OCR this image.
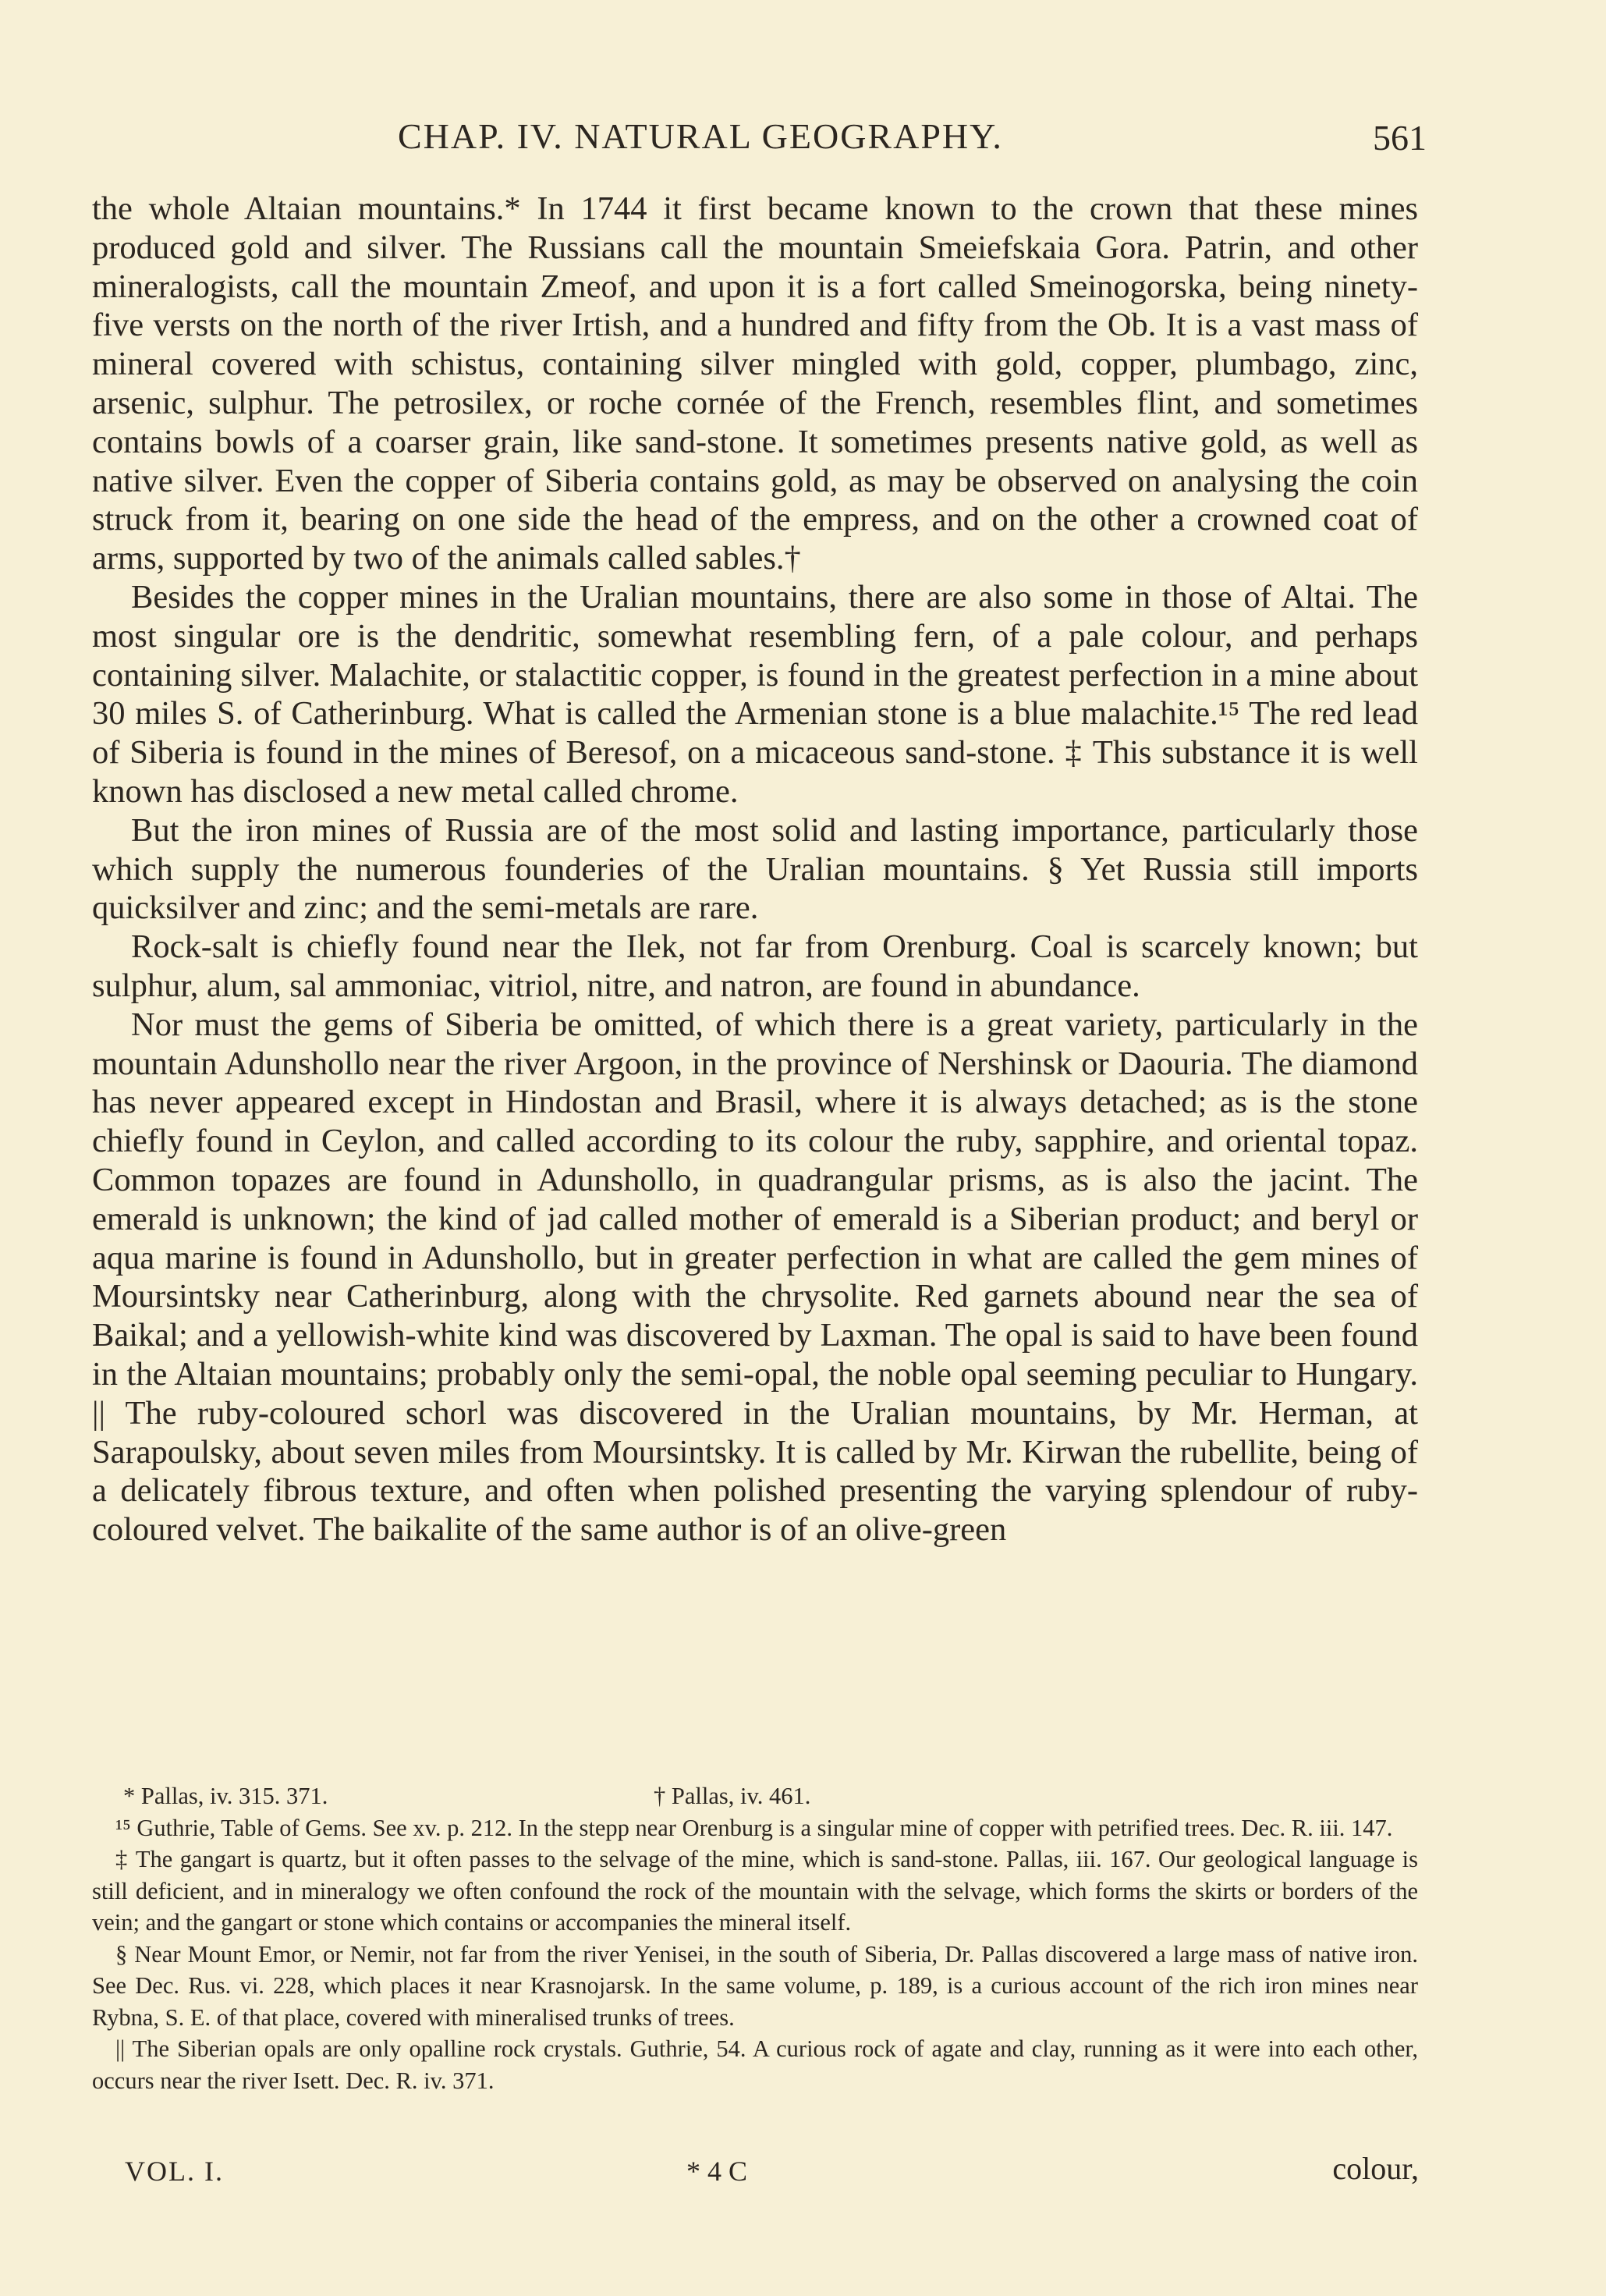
CHAP. IV. NATURAL GEOGRAPHY.	561

the whole Altaian mountains.* In 1744 it first became known to the crown that these mines produced gold and silver. The Russians call the mountain Smeiefskaia Gora. Patrin, and other mineralogists, call the mountain Zmeof, and upon it is a fort called Smeinogorska, being ninety-five versts on the north of the river Irtish, and a hundred and fifty from the Ob. It is a vast mass of mineral covered with schistus, containing silver mingled with gold, copper, plumbago, zinc, arsenic, sulphur. The petrosilex, or roche cornée of the French, resembles flint, and sometimes contains bowls of a coarser grain, like sand-stone. It sometimes presents native gold, as well as native silver. Even the copper of Siberia contains gold, as may be observed on analysing the coin struck from it, bearing on one side the head of the empress, and on the other a crowned coat of arms, supported by two of the animals called sables.†

Besides the copper mines in the Uralian mountains, there are also some in those of Altai. The most singular ore is the dendritic, somewhat resembling fern, of a pale colour, and perhaps containing silver. Malachite, or stalactitic copper, is found in the greatest perfection in a mine about 30 miles S. of Catherinburg. What is called the Armenian stone is a blue malachite.¹⁵ The red lead of Siberia is found in the mines of Beresof, on a micaceous sand-stone. ‡ This substance it is well known has disclosed a new metal called chrome.

But the iron mines of Russia are of the most solid and lasting importance, particularly those which supply the numerous founderies of the Uralian mountains. § Yet Russia still imports quicksilver and zinc; and the semi-metals are rare.

Rock-salt is chiefly found near the Ilek, not far from Orenburg. Coal is scarcely known; but sulphur, alum, sal ammoniac, vitriol, nitre, and natron, are found in abundance.

Nor must the gems of Siberia be omitted, of which there is a great variety, particularly in the mountain Adunshollo near the river Argoon, in the province of Nershinsk or Daouria. The diamond has never appeared except in Hindostan and Brasil, where it is always detached; as is the stone chiefly found in Ceylon, and called according to its colour the ruby, sapphire, and oriental topaz. Common topazes are found in Adunshollo, in quadrangular prisms, as is also the jacint. The emerald is unknown; the kind of jad called mother of emerald is a Siberian product; and beryl or aqua marine is found in Adunshollo, but in greater perfection in what are called the gem mines of Moursintsky near Catherinburg, along with the chrysolite. Red garnets abound near the sea of Baikal; and a yellowish-white kind was discovered by Laxman. The opal is said to have been found in the Altaian mountains; probably only the semi-opal, the noble opal seeming peculiar to Hungary. || The ruby-coloured schorl was discovered in the Uralian mountains, by Mr. Herman, at Sarapoulsky, about seven miles from Moursintsky. It is called by Mr. Kirwan the rubellite, being of a delicately fibrous texture, and often when polished presenting the varying splendour of ruby-coloured velvet. The baikalite of the same author is of an olive-green

* Pallas, iv. 315. 371.	† Pallas, iv. 461.

¹⁵ Guthrie, Table of Gems. See xv. p. 212. In the stepp near Orenburg is a singular mine of copper with petrified trees. Dec. R. iii. 147.

‡ The gangart is quartz, but it often passes to the selvage of the mine, which is sand-stone. Pallas, iii. 167. Our geological language is still deficient, and in mineralogy we often confound the rock of the mountain with the selvage, which forms the skirts or borders of the vein; and the gangart or stone which contains or accompanies the mineral itself.

§ Near Mount Emor, or Nemir, not far from the river Yenisei, in the south of Siberia, Dr. Pallas discovered a large mass of native iron. See Dec. Rus. vi. 228, which places it near Krasnojarsk. In the same volume, p. 189, is a curious account of the rich iron mines near Rybna, S. E. of that place, covered with mineralised trunks of trees.

|| The Siberian opals are only opalline rock crystals. Guthrie, 54. A curious rock of agate and clay, running as it were into each other, occurs near the river Isett. Dec. R. iv. 371.

VOL. I.	* 4 C	colour,
